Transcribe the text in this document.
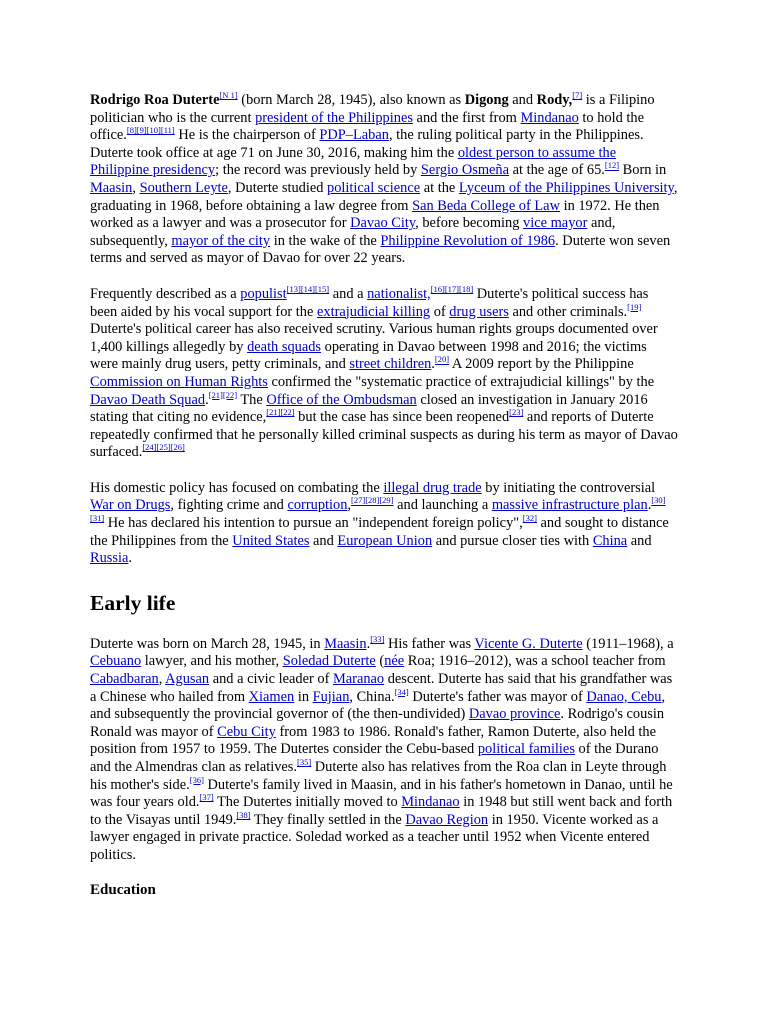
Rodrigo Roa Duterte[N 1] (born March 28, 1945), also known as Digong and Rody,[7] is a Filipino politician who is the current president of the Philippines and the first from Mindanao to hold the office.[8][9][10][11] He is the chairperson of PDP–Laban, the ruling political party in the Philippines. Duterte took office at age 71 on June 30, 2016, making him the oldest person to assume the Philippine presidency; the record was previously held by Sergio Osmeña at the age of 65.[12] Born in Maasin, Southern Leyte, Duterte studied political science at the Lyceum of the Philippines University, graduating in 1968, before obtaining a law degree from San Beda College of Law in 1972. He then worked as a lawyer and was a prosecutor for Davao City, before becoming vice mayor and, subsequently, mayor of the city in the wake of the Philippine Revolution of 1986. Duterte won seven terms and served as mayor of Davao for over 22 years.

Frequently described as a populist[13][14][15] and a nationalist,[16][17][18] Duterte's political success has been aided by his vocal support for the extrajudicial killing of drug users and other criminals.[19] Duterte's political career has also received scrutiny. Various human rights groups documented over 1,400 killings allegedly by death squads operating in Davao between 1998 and 2016; the victims were mainly drug users, petty criminals, and street children.[20] A 2009 report by the Philippine Commission on Human Rights confirmed the "systematic practice of extrajudicial killings" by the Davao Death Squad.[21][22] The Office of the Ombudsman closed an investigation in January 2016 stating that citing no evidence,[21][22] but the case has since been reopened[23] and reports of Duterte repeatedly confirmed that he personally killed criminal suspects as during his term as mayor of Davao surfaced.[24][25][26]

His domestic policy has focused on combating the illegal drug trade by initiating the controversial War on Drugs, fighting crime and corruption,[27][28][29] and launching a massive infrastructure plan.[30][31] He has declared his intention to pursue an "independent foreign policy",[32] and sought to distance the Philippines from the United States and European Union and pursue closer ties with China and Russia.

Early life

Duterte was born on March 28, 1945, in Maasin.[33] His father was Vicente G. Duterte (1911–1968), a Cebuano lawyer, and his mother, Soledad Duterte (née Roa; 1916–2012), was a school teacher from Cabadbaran, Agusan and a civic leader of Maranao descent. Duterte has said that his grandfather was a Chinese who hailed from Xiamen in Fujian, China.[34] Duterte's father was mayor of Danao, Cebu, and subsequently the provincial governor of (the then-undivided) Davao province. Rodrigo's cousin Ronald was mayor of Cebu City from 1983 to 1986. Ronald's father, Ramon Duterte, also held the position from 1957 to 1959. The Dutertes consider the Cebu-based political families of the Durano and the Almendras clan as relatives.[35] Duterte also has relatives from the Roa clan in Leyte through his mother's side.[36] Duterte's family lived in Maasin, and in his father's hometown in Danao, until he was four years old.[37] The Dutertes initially moved to Mindanao in 1948 but still went back and forth to the Visayas until 1949.[38] They finally settled in the Davao Region in 1950. Vicente worked as a lawyer engaged in private practice. Soledad worked as a teacher until 1952 when Vicente entered politics.

Education
